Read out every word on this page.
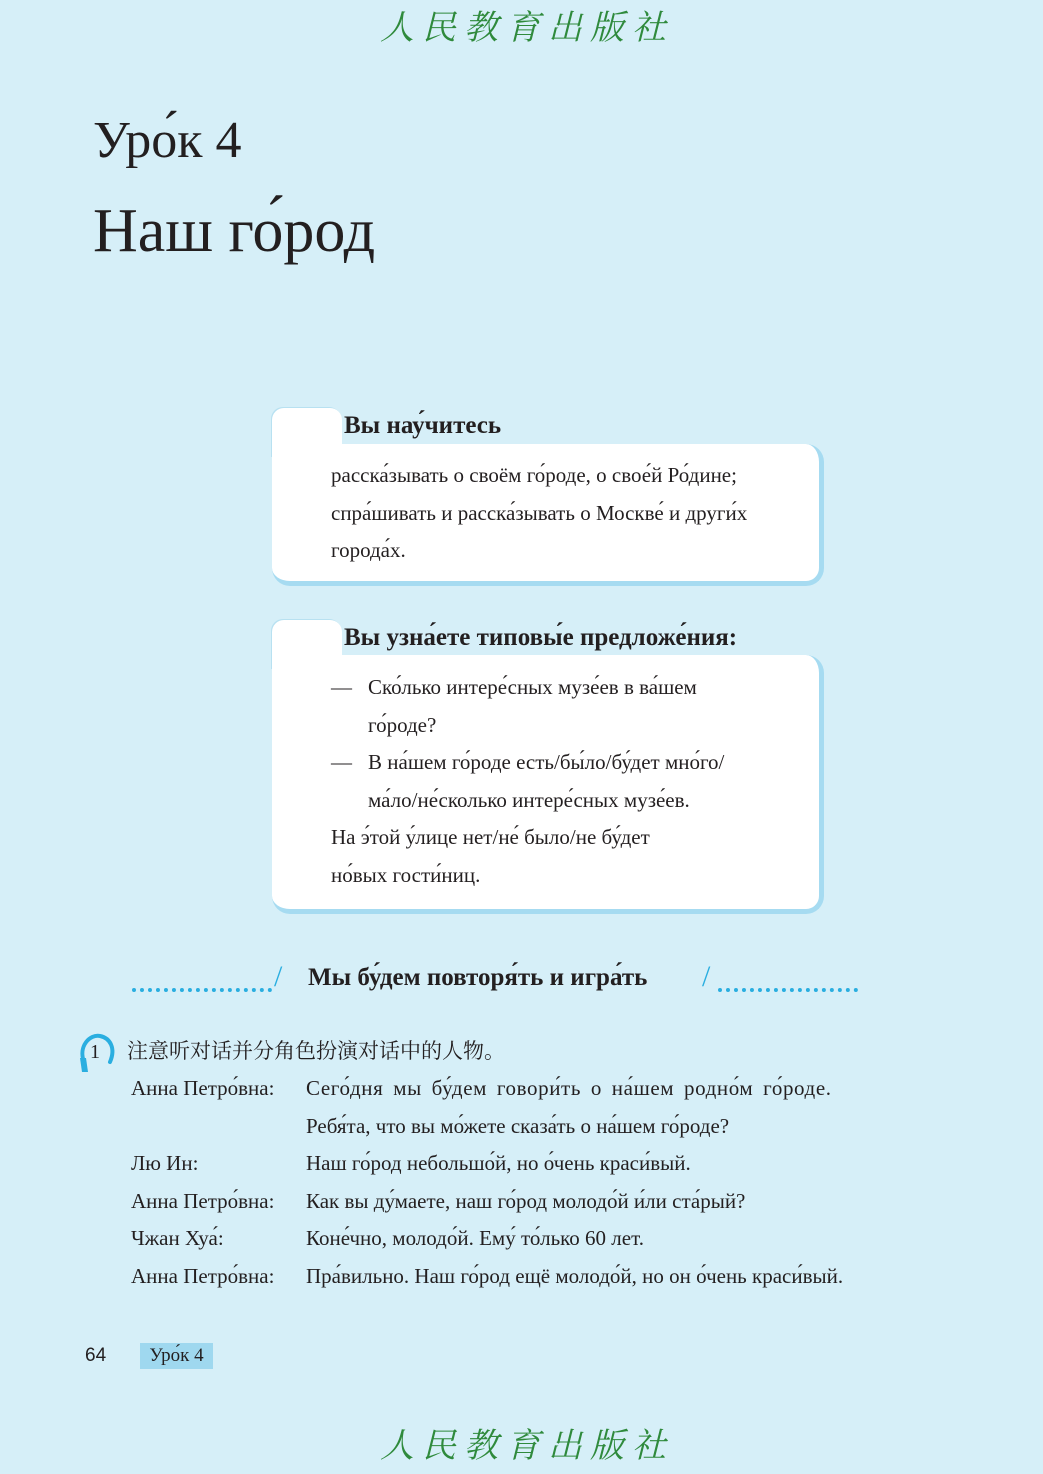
人民教育出版社
Уро́к 4
Наш го́род
Вы нау́читесь

расска́зывать о своём го́роде, о свое́й Ро́дине;

спра́шивать и расска́зывать о Москве́ и други́х

города́х.

Вы узна́ете типовы́е предложе́ния:

— Ско́лько интере́сных музе́ев в ва́шем
го́роде?

— В на́шем го́роде есть/бы́ло/бу́дет мно́го/
ма́ло/не́сколько интере́сных музе́ев.

На э́той у́лице нет/не́ было/не бу́дет

но́вых гости́ниц.

/ Мы бу́дем повторя́ть и игра́ть /
1 注意听对话并分角色扮演对话中的人物。
Анна Петро́вна: Сего́дня мы бу́дем говори́ть о на́шем родно́м го́роде.
Ребя́та, что вы мо́жете сказа́ть о на́шем го́роде?
Лю Ин:	Наш го́род небольшо́й, но о́чень краси́вый.
Анна Петро́вна: Как вы ду́маете, наш го́род молодо́й и́ли ста́рый?
Чжан Хуа́:	Коне́чно, молодо́й. Ему́ то́лько 60 лет.
Анна Петро́вна: Пра́вильно. Наш го́род ещё молодо́й, но он о́чень краси́вый.
64	Уро́к 4
人民教育出版社
